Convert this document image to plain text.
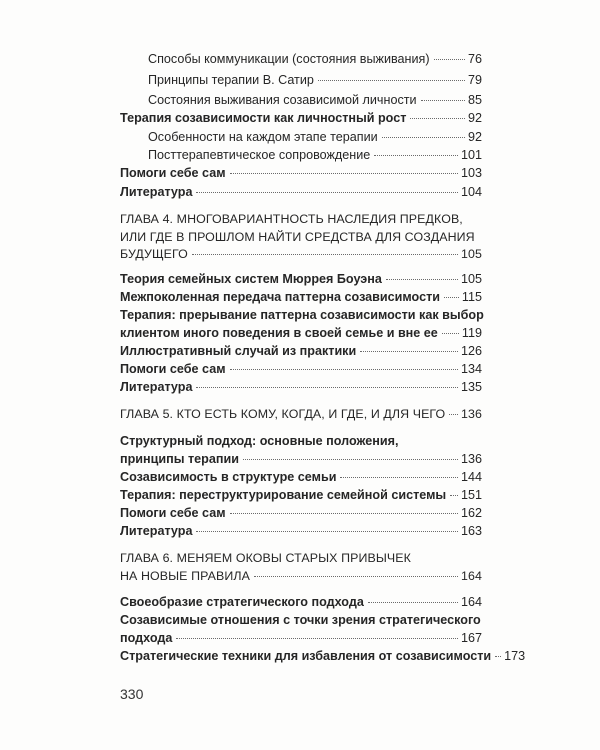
Способы коммуникации (состояния выживания)	76
Принципы терапии В. Сатир	79
Состояния выживания созависимой личности	85
Терапия созависимости как личностный рост	92
Особенности на каждом этапе терапии	92
Посттерапевтическое сопровождение	101
Помоги себе сам	103
Литература	104
ГЛАВА 4. МНОГОВАРИАНТНОСТЬ НАСЛЕДИЯ ПРЕДКОВ,
ИЛИ ГДЕ В ПРОШЛОМ НАЙТИ СРЕДСТВА ДЛЯ СОЗДАНИЯ
БУДУЩЕГО	105
Теория семейных систем Мюррея Боуэна	105
Межпоколенная передача паттерна созависимости 115
Терапия: прерывание паттерна созависимости как выбор
клиентом иного поведения в своей семье и вне ее 119
Иллюстративный случай из практики	126
Помоги себе сам	134
Литература	135
ГЛАВА 5. КТО ЕСТЬ КОМУ, КОГДА, И ГДЕ, И ДЛЯ ЧЕГО 136
Структурный подход: основные положения,
принципы терапии	136
Созависимость в структуре семьи	144
Терапия: переструктурирование семейной системы 151
Помоги себе сам	162
Литература	163
ГЛАВА 6. МЕНЯЕМ ОКОВЫ СТАРЫХ ПРИВЫЧЕК
НА НОВЫЕ ПРАВИЛА	164
Своеобразие стратегического подхода	164
Созависимые отношения с точки зрения стратегического
подхода	167
Стратегические техники для избавления от созависимости 173
330
